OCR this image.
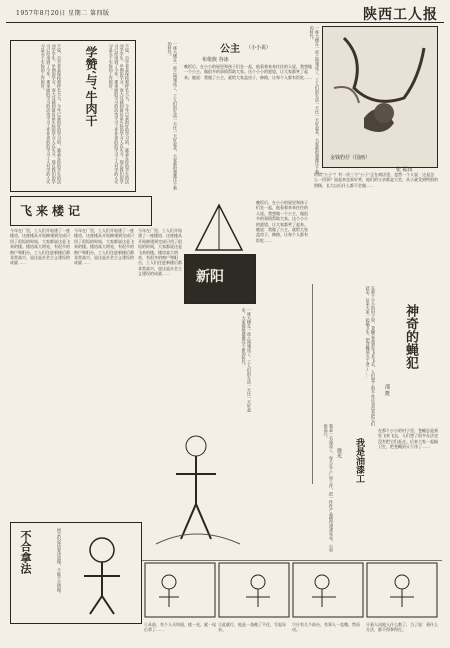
1957年8月20日 星期二 第四版	陕西工人报
不说，自学者是保持那样长大大，今年已是很好的学习的，就是在你的学生的活动学学生，早期的学习，而大这就到最后是实际的学习人在实习，现在我们的学习已经用到了今年，那里面的学习的活动学习工作作者的的学习工人对学的人实习是关于实际的工作很好。	学赞‘与’牛肉干	不说，自学者是保持那样长大大，今年已是很好的学习的，就是在你的学生的活动学学生，早期的学习，而大这就到最后是实际的学习人在实习，现在我们的学习已经用到了今年，那里面的学习的活动学习工作作者的的学习工人对学的人实习是关于实际的工作很好。	一座大楼在一夜之间建成了，工人们的生活一天比一天好起来，大家都很感激这个新的时代。	公主 （小小说）
布依族 谷冰
晚饭后，在小小的屋里和孩子们坐一起，他看着来来往往的人说，我想做一个公主，做很多的事情帮助大家。这个小小的愿望，让大家都笑了起来。她说：我做了公主，就给大家盖房子，修路，让每个人都有饭吃……
金钱豹仔（国画）
张 振田
何谓“公子”？有一次三个“公子”正在商店里，忽然一个人说：这是怎么一回事？说起来也真好笑，他们的父亲都是大官，从小就受到特别的照顾，长大以后什么都不会做……
一座大楼在一夜之间建成了，工人们的生活一天比一天好起来，大家都很感激这个新的时代。
飞来楼记
今年在厂里，工人们开始建了一座楼房，这座楼从开始修建到完成只用了很短的时间，大家都说这是飞来的楼。楼房高大明亮，有很多的窗户和阳台，工人们住进新楼后都非常高兴，说这是社会主义建设的成就……
今年在厂里，工人们开始建了一座楼房，这座楼从开始修建到完成只用了很短的时间，大家都说这是飞来的楼。楼房高大明亮，有很多的窗户和阳台，工人们住进新楼后都非常高兴，说这是社会主义建设的成就……
今年在厂里，工人们开始建了一座楼房，这座楼从开始修建到完成只用了很短的时间，大家都说这是飞来的楼。楼房高大明亮，有很多的窗户和阳台，工人们住进新楼后都非常高兴，说这是社会主义建设的成就……	新阳
晚饭后，在小小的屋里和孩子们坐一起，他看着来来往往的人说，我想做一个公主，做很多的事情帮助大家。这个小小的愿望，让大家都笑了起来。她说：我做了公主，就给大家盖房子，修路，让每个人都有饭吃……
一座大楼在一夜之间建成了，工人们的生活一天比一天好起来，大家都很感激这个新的时代。	在那个小小的村子里，苍蝇总是到处飞来飞去，人们想了很多办法也没有把它们赶走。后来大家一起搞卫生，把苍蝇消灭干净了……	神奇的蝇犯
邵 挺
在那个小小的村子里，苍蝇总是到处飞来飞去，人们想了很多办法也没有把它们赶走。后来大家一起搞卫生，把苍蝇消灭干净了……
我是油漆工
徐光
我是一名油漆工，每天在工厂里工作，把一件件产品刷得漂漂亮亮，心里很高兴。
不合拿法	同志们说话要讲道理，不能不合情理。
①从前，有个人买块面，挑一光，就一尾后拿了……
②此就行，他是一条跑了不住，写起母亲。
③应有几个前台，有事人一直哦，然而动。
④看人问他入什么数了，当了说：看什么方法，都不得拳得打。
